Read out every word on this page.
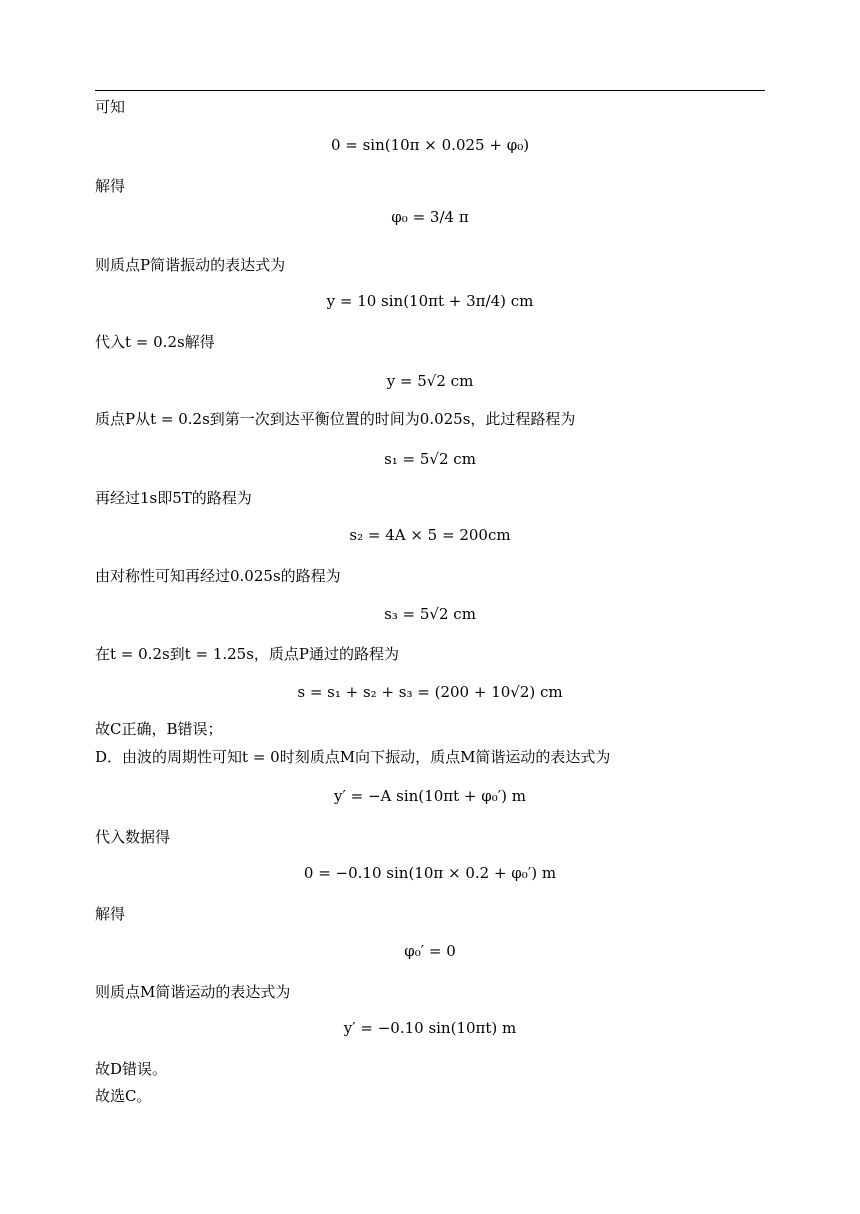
可知
0 = sin(10π × 0.025 + φ₀)
解得
φ₀ = 3/4 π
则质点P简谐振动的表达式为
y = 10 sin(10πt + 3π/4) cm
代入t = 0.2s解得
y = 5√2 cm
质点P从t = 0.2s到第一次到达平衡位置的时间为0.025s，此过程路程为
s₁ = 5√2 cm
再经过1s即5T的路程为
s₂ = 4A × 5 = 200cm
由对称性可知再经过0.025s的路程为
s₃ = 5√2 cm
在t = 0.2s到t = 1.25s，质点P通过的路程为
s = s₁ + s₂ + s₃ = (200 + 10√2) cm
故C正确，B错误；
D．由波的周期性可知t = 0时刻质点M向下振动，质点M简谐运动的表达式为
y′ = −A sin(10πt + φ₀′) m
代入数据得
0 = −0.10 sin(10π × 0.2 + φ₀′) m
解得
φ₀′ = 0
则质点M简谐运动的表达式为
y′ = −0.10 sin(10πt) m
故D错误。
故选C。
